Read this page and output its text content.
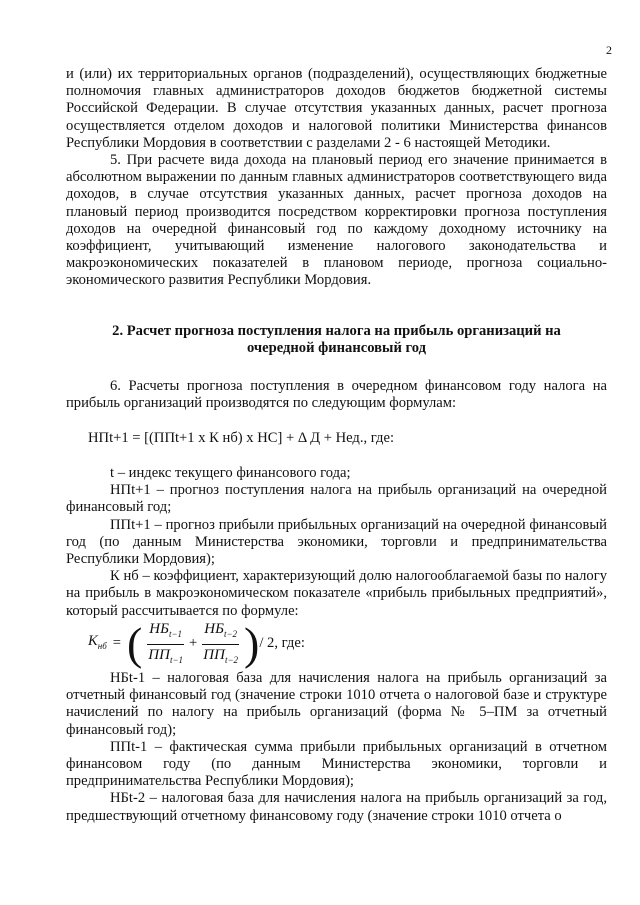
2

и (или) их территориальных органов (подразделений), осуществляющих бюджетные полномочия главных администраторов доходов бюджетов бюджетной системы Российской Федерации. В случае отсутствия указанных данных, расчет прогноза осуществляется отделом доходов и налоговой политики Министерства финансов Республики Мордовия в соответствии с разделами 2 - 6 настоящей Методики.

5. При расчете вида дохода на плановый период его значение принимается в абсолютном выражении по данным главных администраторов соответствующего вида доходов, в случае отсутствия указанных данных, расчет прогноза доходов на плановый период производится посредством корректировки прогноза поступления доходов на очередной финансовый год по каждому доходному источнику на коэффициент, учитывающий изменение налогового законодательства и макроэкономических показателей в плановом периоде, прогноза социально-экономического развития Республики Мордовия.

2. Расчет прогноза поступления налога на прибыль организаций на
очередной финансовый год

6. Расчеты прогноза поступления в очередном финансовом году налога на прибыль организаций производятся по следующим формулам:

НПt+1 = [(ППt+1 х К нб) х НС] + Δ Д + Нед., где:

t – индекс текущего финансового года;

НПt+1 – прогноз поступления налога на прибыль организаций на очередной финансовый год;

ППt+1 – прогноз прибыли прибыльных организаций на очередной финансовый год (по данным Министерства экономики, торговли и предпринимательства Республики Мордовия);

К нб – коэффициент, характеризующий долю налогооблагаемой базы по налогу на прибыль в макроэкономическом показателе «прибыль прибыльных предприятий», который рассчитывается по формуле:

$K_{нб}$ = ( $\frac{НБ_{t-1}}{ПП_{t-1}} + \frac{НБ_{t-2}}{ПП_{t-2}}$ ) / 2 , где:

НБt-1 – налоговая база для начисления налога на прибыль организаций за отчетный финансовый год (значение строки 1010 отчета о налоговой базе и структуре начислений по налогу на прибыль организаций (форма № 5–ПМ за отчетный финансовый год);

ППt-1 – фактическая сумма прибыли прибыльных организаций в отчетном финансовом году (по данным Министерства экономики, торговли и предпринимательства Республики Мордовия);

НБt-2 – налоговая база для начисления налога на прибыль организаций за год, предшествующий отчетному финансовому году (значение строки 1010 отчета о
